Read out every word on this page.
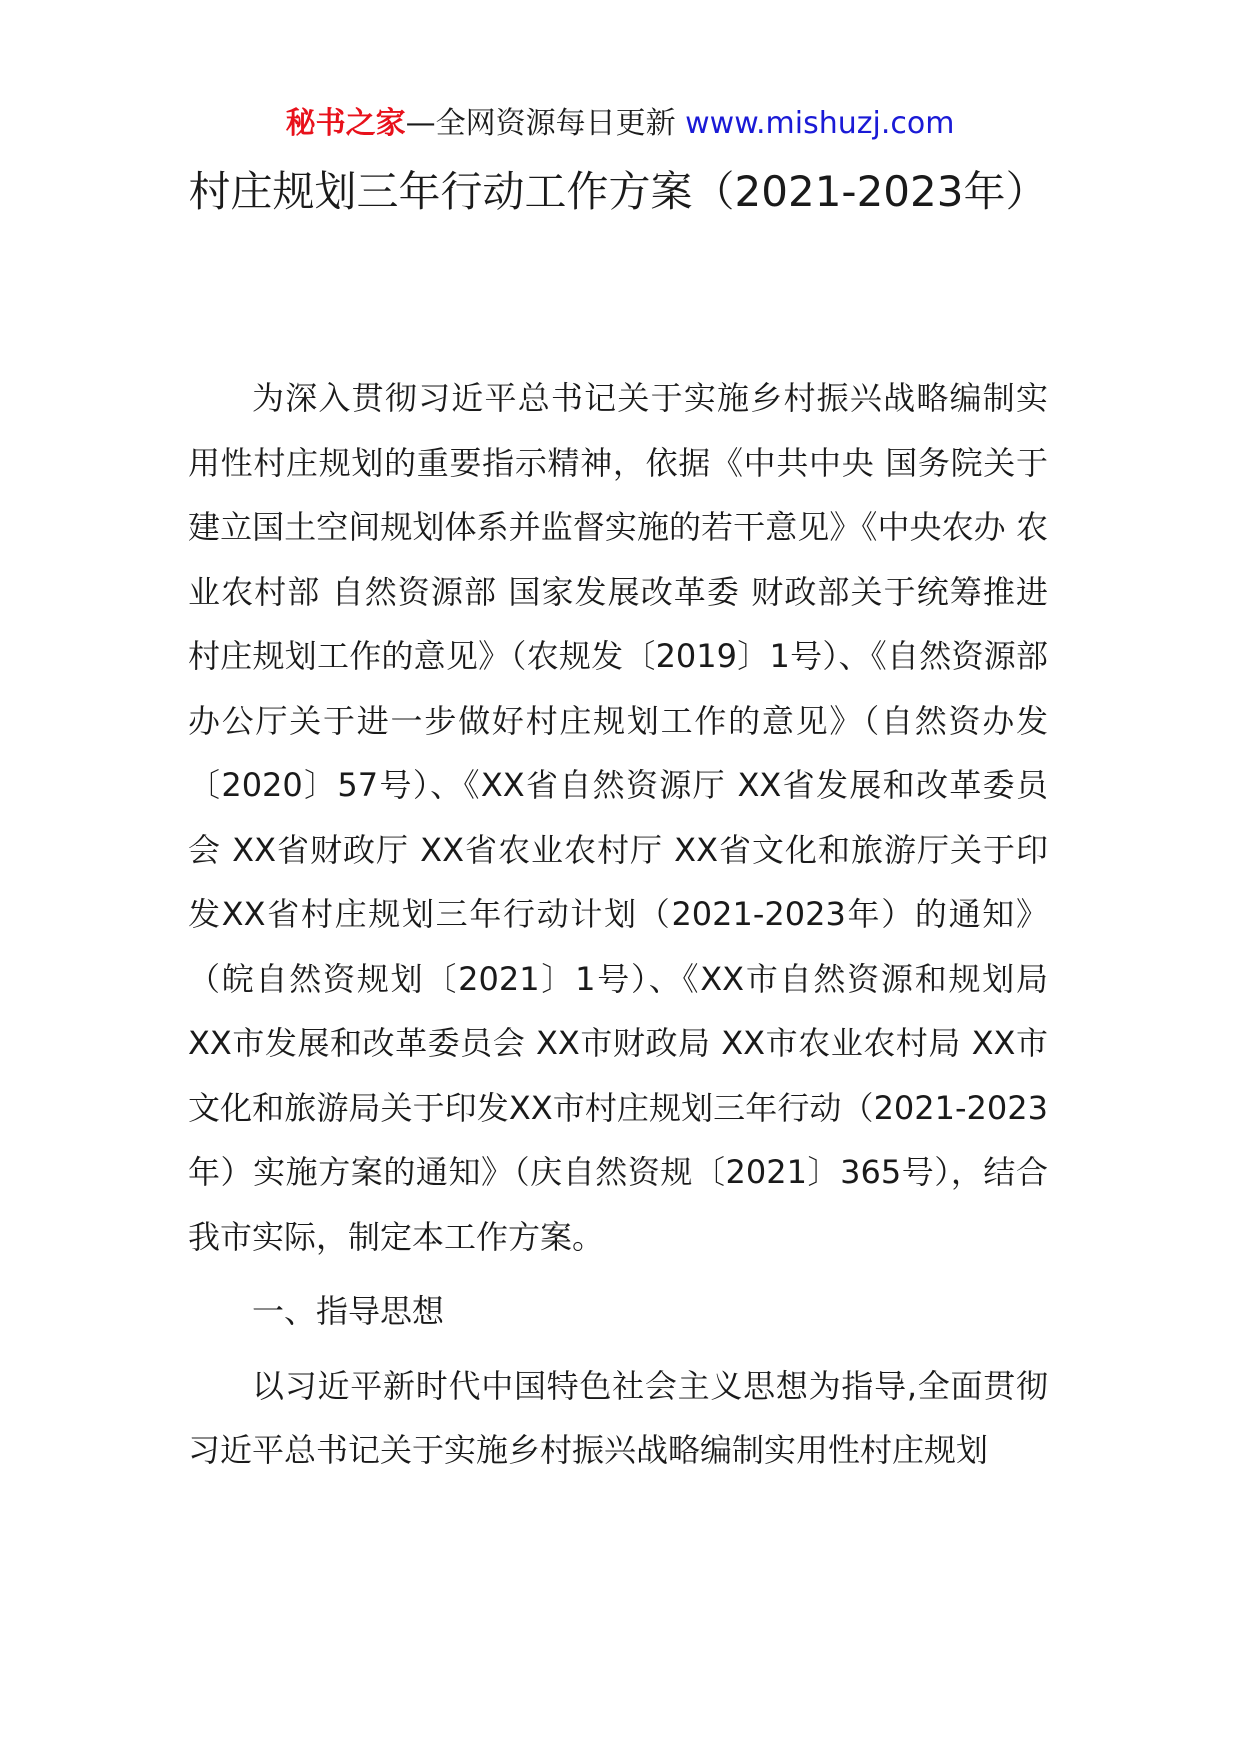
秘书之家—全网资源每日更新 www.mishuzj.com
村庄规划三年行动工作方案（2021-2023年）

为深入贯彻习近平总书记关于实施乡村振兴战略编制实用性村庄规划的重要指示精神，依据《中共中央 国务院关于建立国土空间规划体系并监督实施的若干意见》《中央农办 农业农村部 自然资源部 国家发展改革委 财政部关于统筹推进村庄规划工作的意见》（农规发〔2019〕1号）、《自然资源部办公厅关于进一步做好村庄规划工作的意见》（自然资办发〔2020〕57号）、《XX省自然资源厅 XX省发展和改革委员会 XX省财政厅 XX省农业农村厅 XX省文化和旅游厅关于印发XX省村庄规划三年行动计划（2021-2023年）的通知》（皖自然资规划〔2021〕1号）、《XX市自然资源和规划局 XX市发展和改革委员会 XX市财政局 XX市农业农村局 XX市文化和旅游局关于印发XX市村庄规划三年行动（2021-2023年）实施方案的通知》（庆自然资规〔2021〕365号），结合我市实际，制定本工作方案。

一、指导思想

以习近平新时代中国特色社会主义思想为指导,全面贯彻习近平总书记关于实施乡村振兴战略编制实用性村庄规划
